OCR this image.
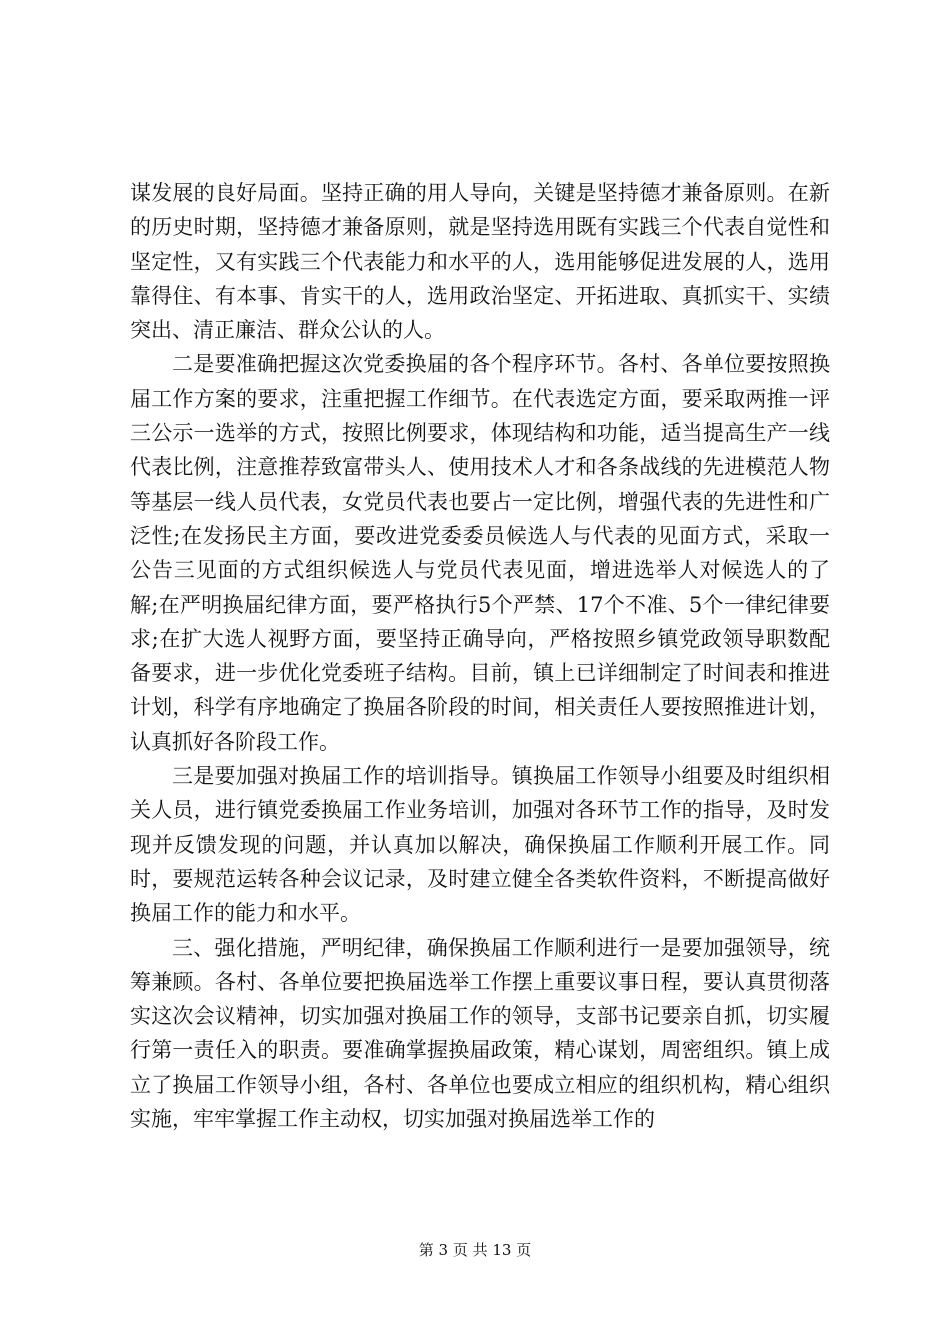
谋发展的良好局面。坚持正确的用人导向，关键是坚持德才兼备原则。在新的历史时期，坚持德才兼备原则，就是坚持选用既有实践三个代表自觉性和坚定性，又有实践三个代表能力和水平的人，选用能够促进发展的人，选用靠得住、有本事、肯实干的人，选用政治坚定、开拓进取、真抓实干、实绩突出、清正廉洁、群众公认的人。

二是要准确把握这次党委换届的各个程序环节。各村、各单位要按照换届工作方案的要求，注重把握工作细节。在代表选定方面，要采取两推一评三公示一选举的方式，按照比例要求，体现结构和功能，适当提高生产一线代表比例，注意推荐致富带头人、使用技术人才和各条战线的先进模范人物等基层一线人员代表，女党员代表也要占一定比例，增强代表的先进性和广泛性;在发扬民主方面，要改进党委委员候选人与代表的见面方式，采取一公告三见面的方式组织候选人与党员代表见面，增进选举人对候选人的了解;在严明换届纪律方面，要严格执行5个严禁、17个不准、5个一律纪律要求;在扩大选人视野方面，要坚持正确导向，严格按照乡镇党政领导职数配备要求，进一步优化党委班子结构。目前，镇上已详细制定了时间表和推进计划，科学有序地确定了换届各阶段的时间，相关责任人要按照推进计划，认真抓好各阶段工作。

三是要加强对换届工作的培训指导。镇换届工作领导小组要及时组织相关人员，进行镇党委换届工作业务培训，加强对各环节工作的指导，及时发现并反馈发现的问题，并认真加以解决，确保换届工作顺利开展工作。同时，要规范运转各种会议记录，及时建立健全各类软件资料，不断提高做好换届工作的能力和水平。

三、强化措施，严明纪律，确保换届工作顺利进行一是要加强领导，统筹兼顾。各村、各单位要把换届选举工作摆上重要议事日程，要认真贯彻落实这次会议精神，切实加强对换届工作的领导，支部书记要亲自抓，切实履行第一责任入的职责。要准确掌握换届政策，精心谋划，周密组织。镇上成立了换届工作领导小组，各村、各单位也要成立相应的组织机构，精心组织实施，牢牢掌握工作主动权，切实加强对换届选举工作的

第 3 页 共 13 页
